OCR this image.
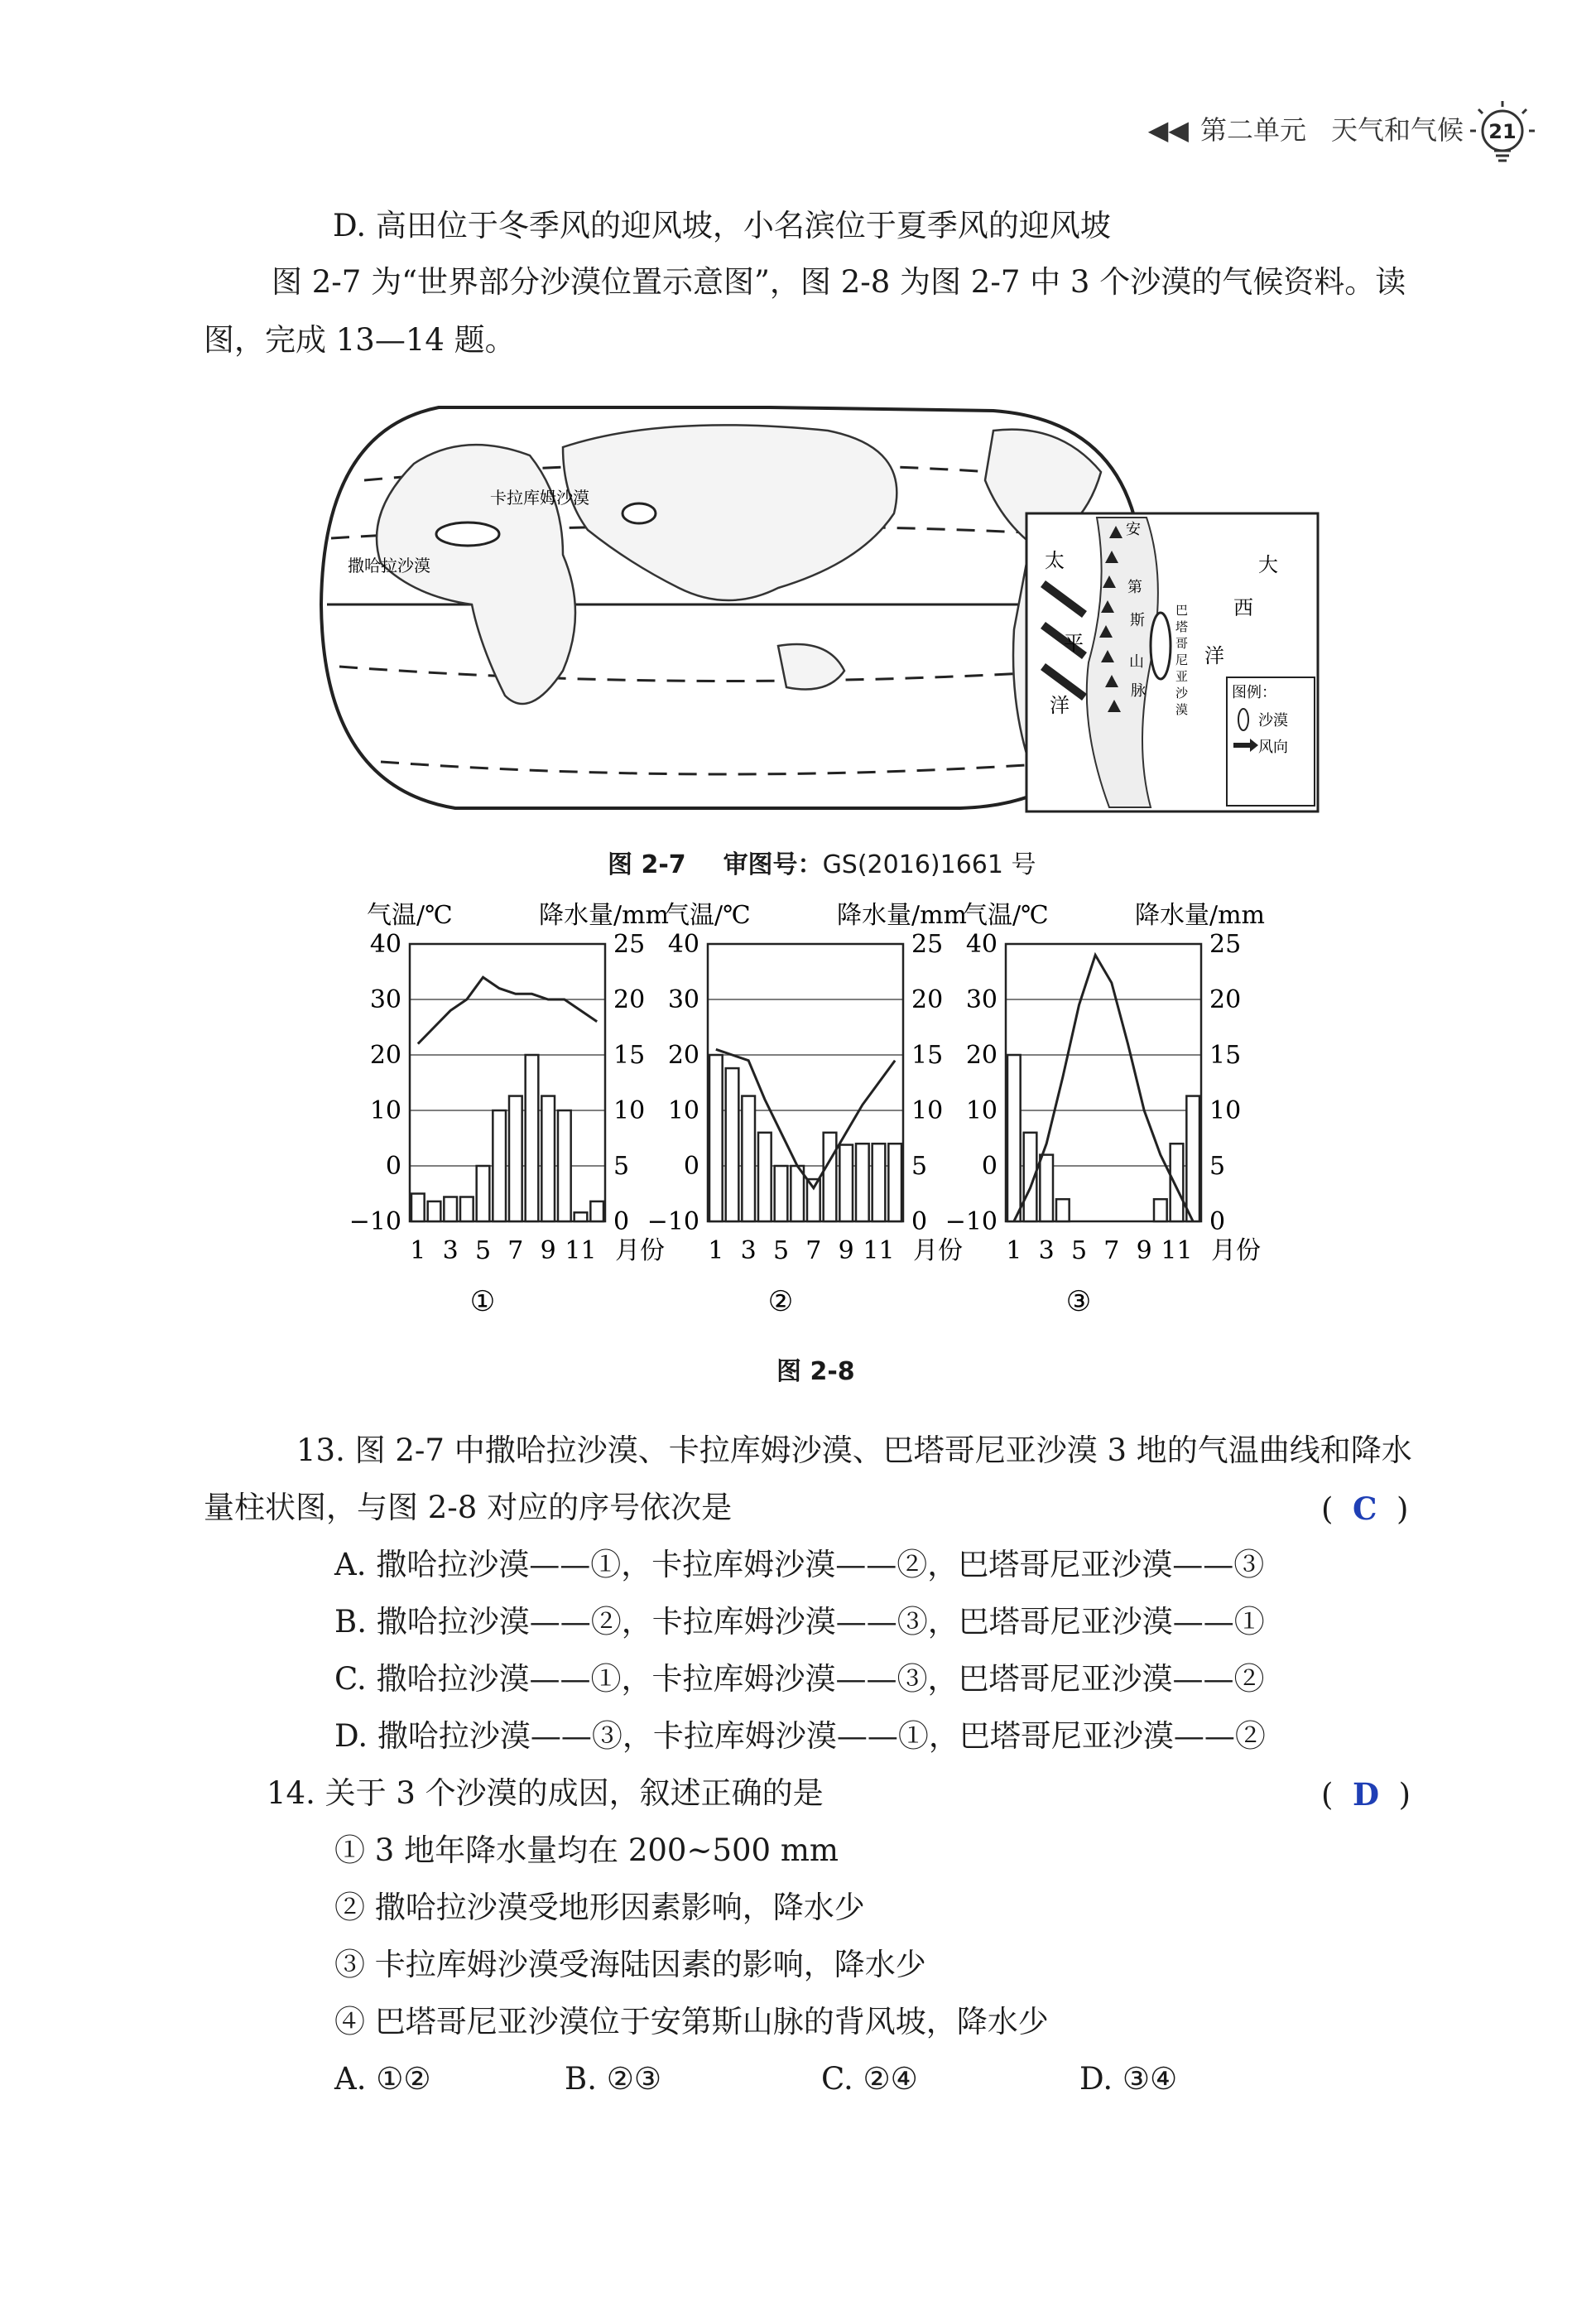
◀◀ 第二单元 天气和气候 21
D. 高田位于冬季风的迎风坡，小名滨位于夏季风的迎风坡
图 2-7 为“世界部分沙漠位置示意图”，图 2-8 为图 2-7 中 3 个沙漠的气候资料。读
图，完成 13—14 题。
卡拉库姆沙漠
撒哈拉沙漠	太
平
洋
大
西
洋
安
第
斯
山
脉
巴
塔
哥
尼
亚
沙
漠
图例：
沙漠
风向
图 2-7 审图号：GS(2016)1661 号
气温/℃	降水量/mm
40	25
30	20
20	15
10	10
0	5
−10	0
1 3 5 7 9 11 月份
①
气温/℃	降水量/mm
40	25
30	20
20	15
10	10
0	5
−10	0
1 3 5 7 9 11 月份
②
气温/℃	降水量/mm
40	25
30	20
20	15
10	10
0	5
−10	0
1 3 5 7 9 11 月份
③
图 2-8
13. 图 2-7 中撒哈拉沙漠、卡拉库姆沙漠、巴塔哥尼亚沙漠 3 地的气温曲线和降水
量柱状图，与图 2-8 对应的序号依次是	(  C  )
A. 撒哈拉沙漠——①，卡拉库姆沙漠——②，巴塔哥尼亚沙漠——③
B. 撒哈拉沙漠——②，卡拉库姆沙漠——③，巴塔哥尼亚沙漠——①
C. 撒哈拉沙漠——①，卡拉库姆沙漠——③，巴塔哥尼亚沙漠——②
D. 撒哈拉沙漠——③，卡拉库姆沙漠——①，巴塔哥尼亚沙漠——②
14. 关于 3 个沙漠的成因，叙述正确的是	(  D  )
① 3 地年降水量均在 200~500 mm
② 撒哈拉沙漠受地形因素影响，降水少
③ 卡拉库姆沙漠受海陆因素的影响，降水少
④ 巴塔哥尼亚沙漠位于安第斯山脉的背风坡，降水少
A. ①②	B. ②③	C. ②④	D. ③④
